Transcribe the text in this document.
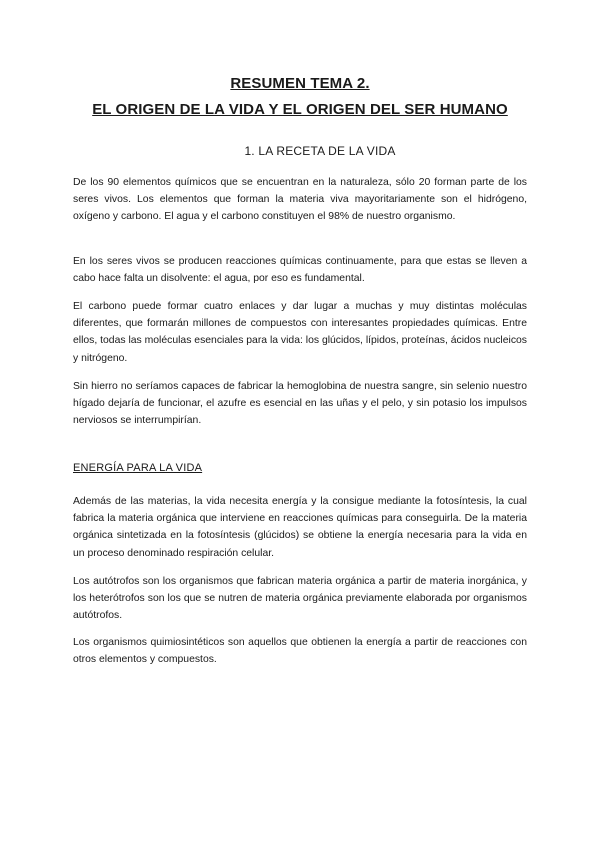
RESUMEN TEMA 2.
EL ORIGEN DE LA VIDA Y EL ORIGEN DEL SER HUMANO
1. LA RECETA DE LA VIDA

De los 90 elementos químicos que se encuentran en la naturaleza, sólo 20 forman parte de los seres vivos. Los elementos que forman la materia viva mayoritariamente son el hidrógeno, oxígeno y carbono. El agua y el carbono constituyen el 98% de nuestro organismo.

En los seres vivos se producen reacciones químicas continuamente, para que estas se lleven a cabo hace falta un disolvente: el agua, por eso es fundamental.

El carbono puede formar cuatro enlaces y dar lugar a muchas y muy distintas moléculas diferentes, que formarán millones de compuestos con interesantes propiedades químicas. Entre ellos, todas las moléculas esenciales para la vida: los glúcidos, lípidos, proteínas, ácidos nucleicos y nitrógeno.

Sin hierro no seríamos capaces de fabricar la hemoglobina de nuestra sangre, sin selenio nuestro hígado dejaría de funcionar, el azufre es esencial en las uñas y el pelo, y sin potasio los impulsos nerviosos se interrumpirían.

ENERGÍA PARA LA VIDA

Además de las materias, la vida necesita energía y la consigue mediante la fotosíntesis, la cual fabrica la materia orgánica que interviene en reacciones químicas para conseguirla. De la materia orgánica sintetizada en la fotosíntesis (glúcidos) se obtiene la energía necesaria para la vida en un proceso denominado respiración celular.

Los autótrofos son los organismos que fabrican materia orgánica a partir de materia inorgánica, y los heterótrofos son los que se nutren de materia orgánica previamente elaborada por organismos autótrofos.

Los organismos quimiosintéticos son aquellos que obtienen la energía a partir de reacciones con otros elementos y compuestos.
